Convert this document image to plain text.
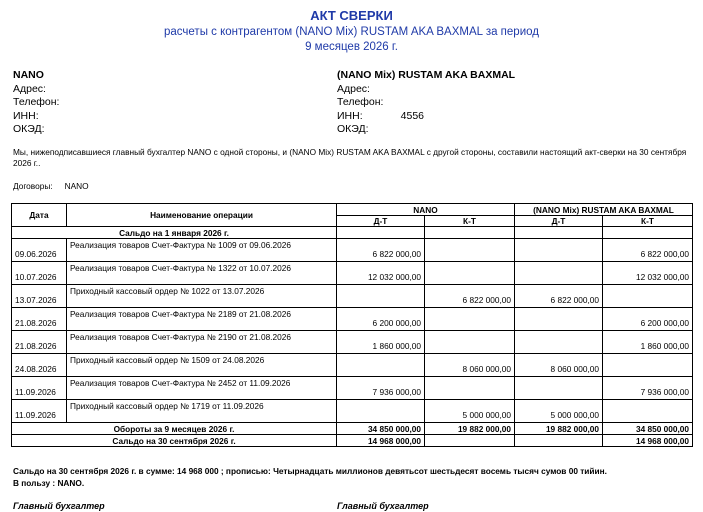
АКТ СВЕРКИ
расчеты с контрагентом (NANO Mix) RUSTAM AKA BAXMAL за период
9 месяцев 2026 г.
NANO
Адрес:
Телефон:
ИНН:
ОКЭД:
(NANO Mix) RUSTAM AKA BAXMAL
Адрес:
Телефон:
ИНН:	4556
ОКЭД:
Мы, нижеподписавшиеся главный бухгалтер NANO с одной стороны, и (NANO Mix) RUSTAM AKA BAXMAL с другой стороны, составили настоящий акт-сверки на 30 сентября 2026 г..
Договоры: NANO
Дата	Наименование операции	NANO		(NANO Mix) RUSTAM AKA BAXMAL	
		Д-Т	К-Т	Д-Т	К-Т
Сальдо на 1 января 2026 г.					
09.06.2026	Реализация товаров Счет-Фактура № 1009 от 09.06.2026	6 822 000,00			6 822 000,00
10.07.2026	Реализация товаров Счет-Фактура № 1322 от 10.07.2026	12 032 000,00			12 032 000,00
13.07.2026	Приходный кассовый ордер № 1022 от 13.07.2026		6 822 000,00	6 822 000,00	
21.08.2026	Реализация товаров Счет-Фактура № 2189 от 21.08.2026	6 200 000,00			6 200 000,00
21.08.2026	Реализация товаров Счет-Фактура № 2190 от 21.08.2026	1 860 000,00			1 860 000,00
24.08.2026	Приходный кассовый ордер № 1509 от 24.08.2026		8 060 000,00	8 060 000,00	
11.09.2026	Реализация товаров Счет-Фактура № 2452 от 11.09.2026	7 936 000,00			7 936 000,00
11.09.2026	Приходный кассовый ордер № 1719 от 11.09.2026		5 000 000,00	5 000 000,00	
Обороты за 9 месяцев 2026 г.		34 850 000,00	19 882 000,00	19 882 000,00	34 850 000,00
Сальдо на 30 сентября 2026 г.		14 968 000,00			14 968 000,00
Сальдо на 30 сентября 2026 г. в сумме: 14 968 000 ; прописью: Четырнадцать миллионов девятьсот шестьдесят восемь тысяч сумов 00 тийин.
В пользу : NANO.
Главный бухгалтер	Главный бухгалтер
